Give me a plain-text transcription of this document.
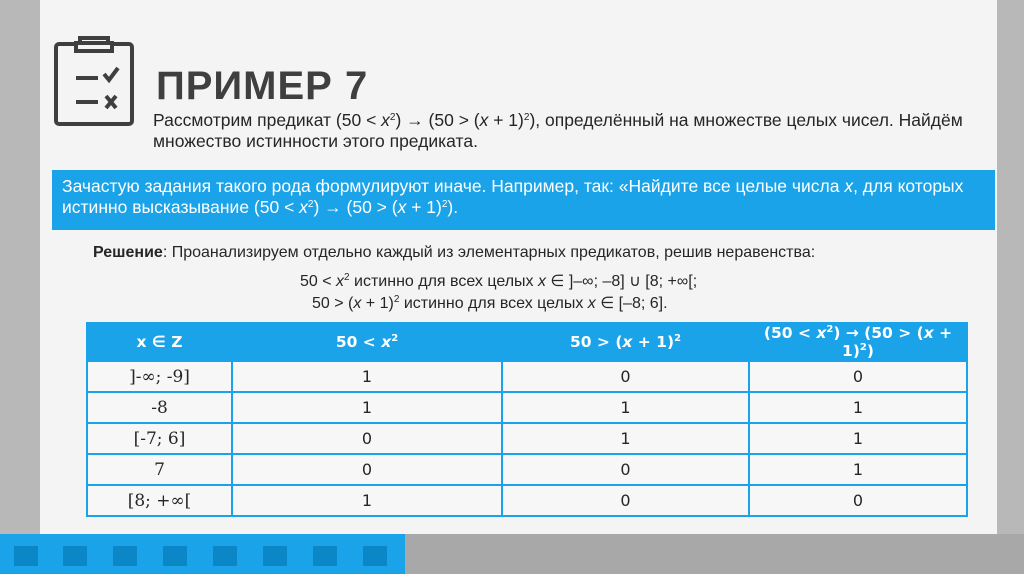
ПРИМЕР 7
Рассмотрим предикат $(50 < x^2) \to (50 > (x + 1)^2)$, определённый на множестве целых чисел. Найдём множество истинности этого предиката.
Зачастую задания такого рода формулируют иначе. Например, так: «Найдите все целые числа x, для которых истинно высказывание $(50 < x^2) \to (50 > (x + 1)^2)$.
Решение: Проанализируем отдельно каждый из элементарных предикатов, решив неравенства:
$50 < x^2$ истинно для всех целых x ∈ ]–∞; –8] ∪ [8; +∞[;
$50 > (x + 1)^2$ истинно для всех целых x ∈ [–8; 6].
x ∈ Z	$50 < x^2$	$50 > (x + 1)^2$	$(50 < x^2) \to (50 > (x + 1)^2)$
]-∞; -9]	1	0	0
-8	1	1	1
[-7; 6]	0	1	1
7	0	0	1
[8; +∞[	1	0	0
